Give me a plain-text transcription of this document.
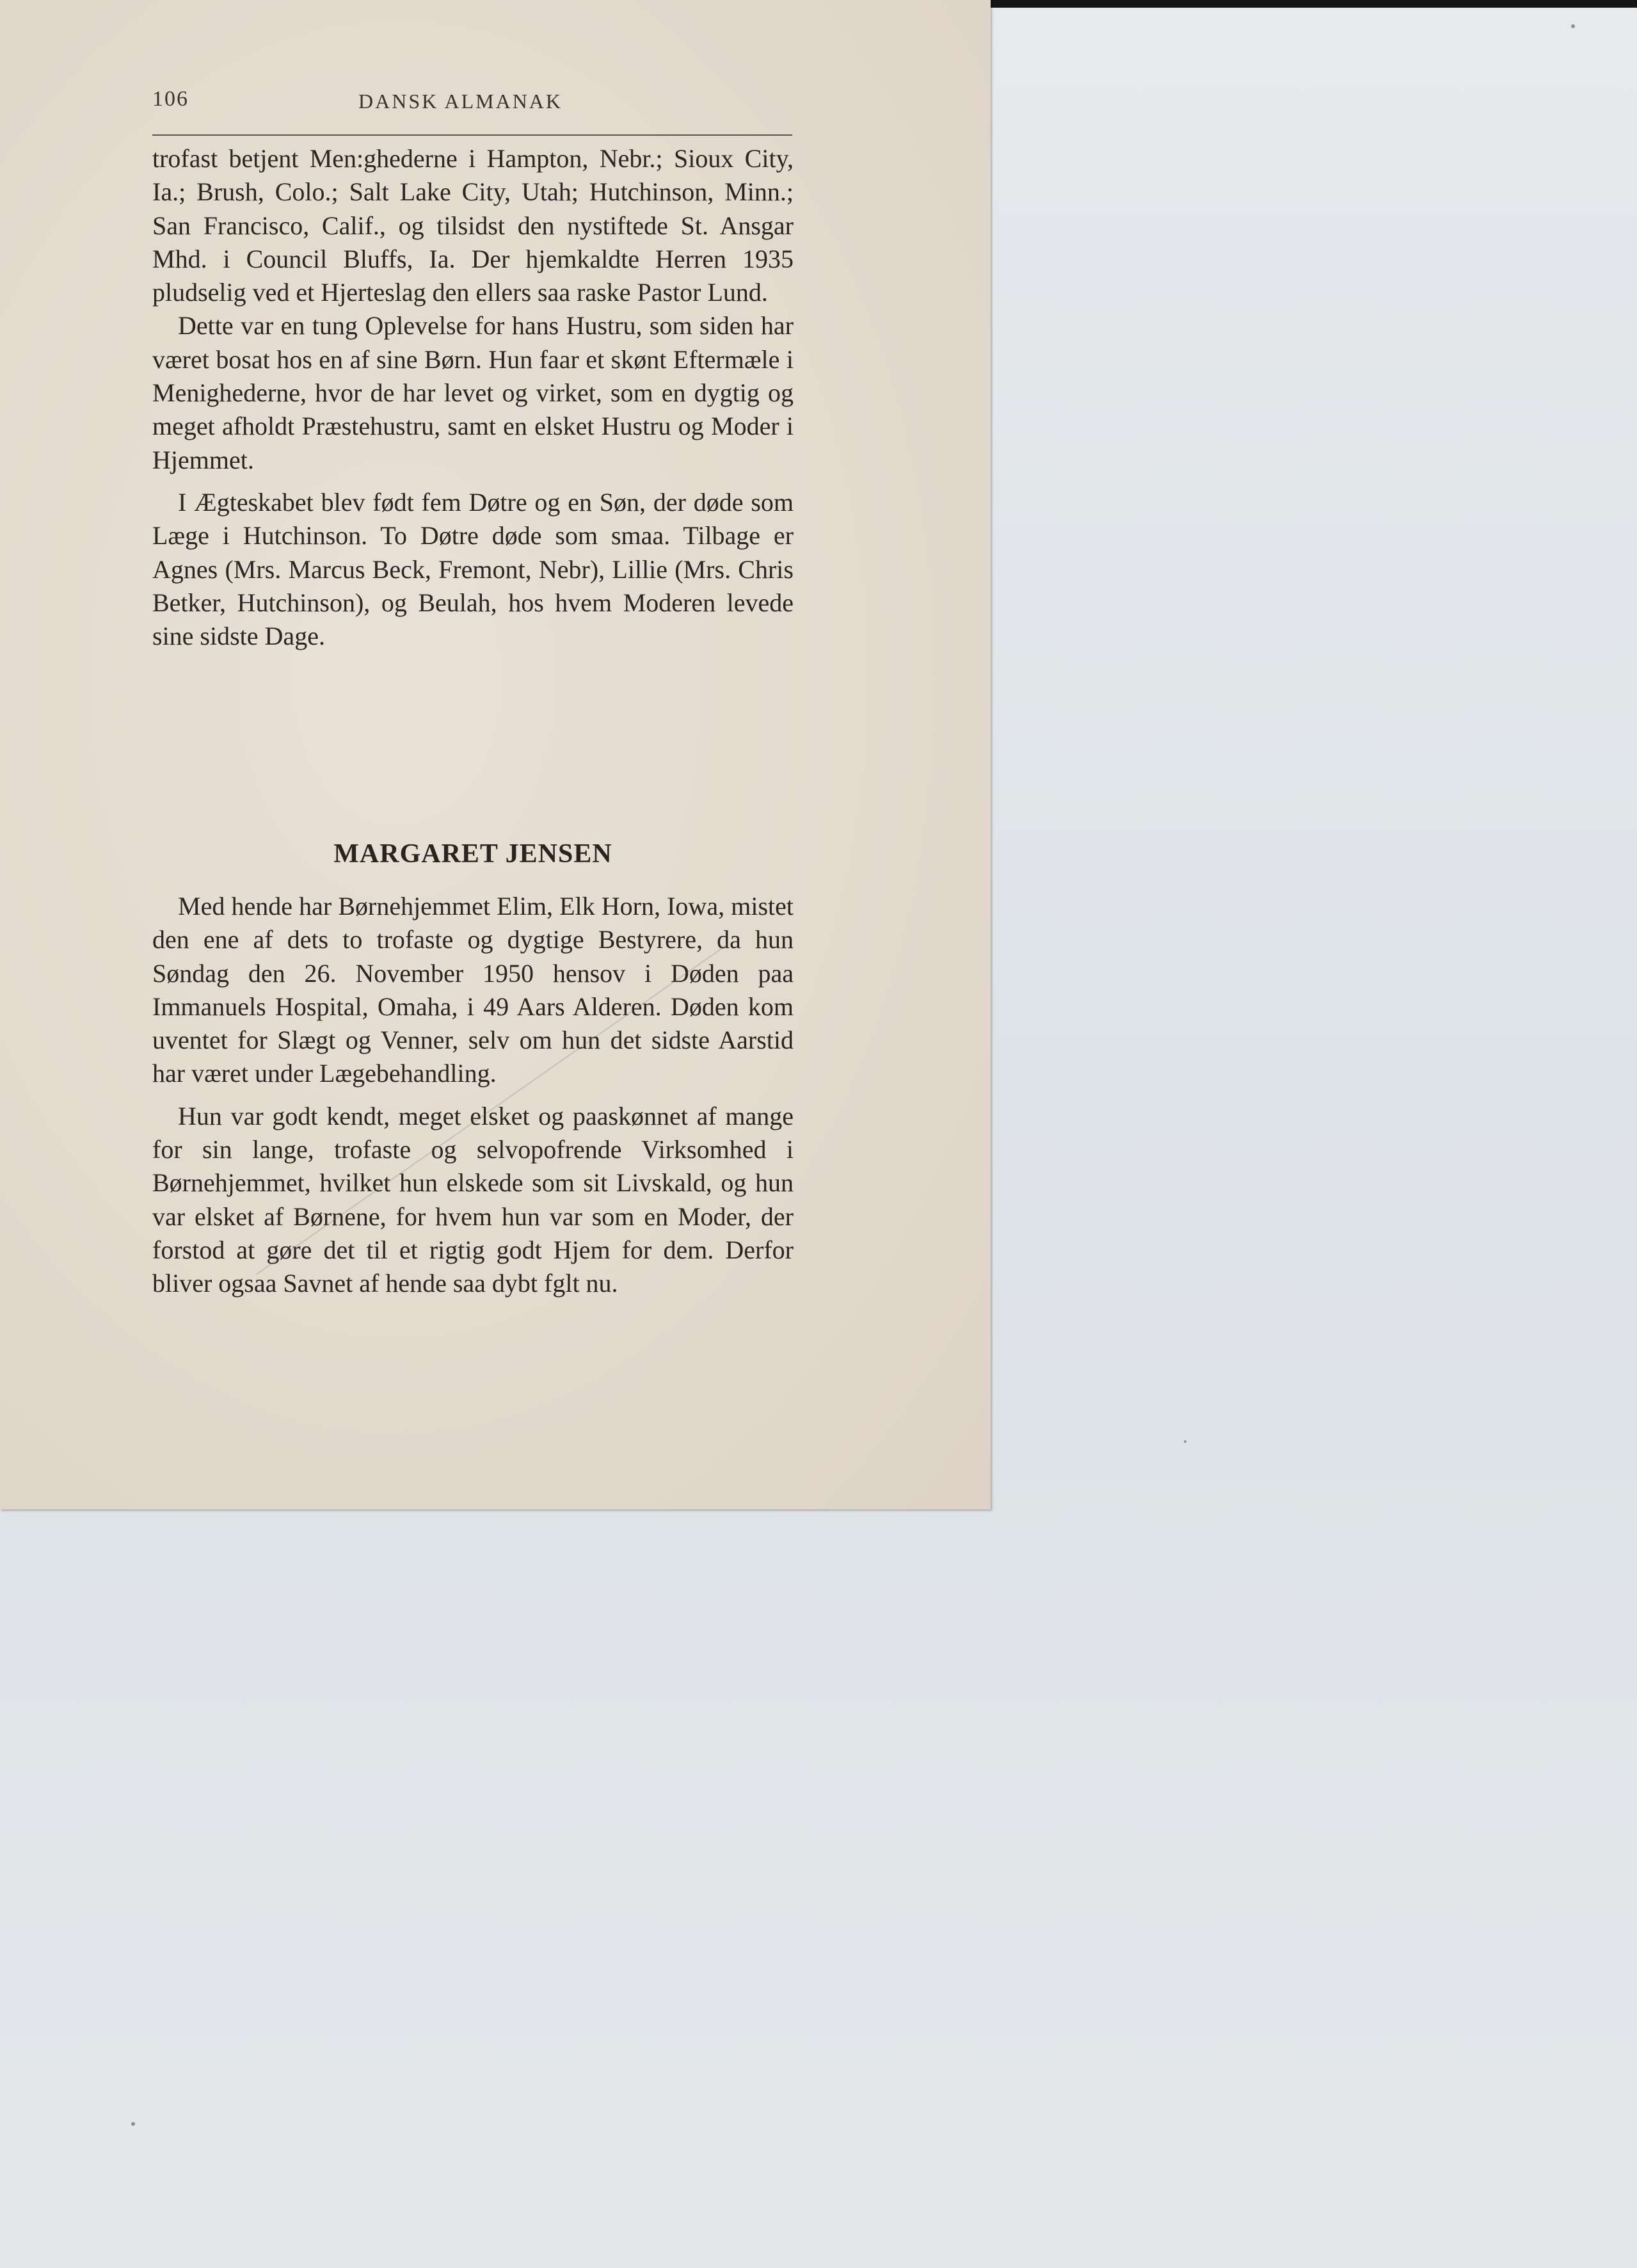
106	DANSK ALMANAK

trofast betjent Men:ghederne i Hampton, Nebr.; Sioux City, Ia.; Brush, Colo.; Salt Lake City, Utah; Hutchinson, Minn.; San Francisco, Calif., og tilsidst den nystiftede St. Ansgar Mhd. i Council Bluffs, Ia. Der hjemkaldte Herren 1935 pludselig ved et Hjerteslag den ellers saa raske Pastor Lund.

Dette var en tung Oplevelse for hans Hustru, som siden har været bosat hos en af sine Børn. Hun faar et skønt Eftermæle i Menighederne, hvor de har levet og virket, som en dygtig og meget afholdt Præstehustru, samt en elsket Hustru og Moder i Hjemmet.

I Ægteskabet blev født fem Døtre og en Søn, der døde som Læge i Hutchinson. To Døtre døde som smaa. Tilbage er Agnes (Mrs. Marcus Beck, Fremont, Nebr), Lillie (Mrs. Chris Betker, Hutchinson), og Beulah, hos hvem Moderen levede sine sidste Dage.

MARGARET JENSEN

Med hende har Børnehjemmet Elim, Elk Horn, Iowa, mistet den ene af dets to trofaste og dygtige Bestyrere, da hun Søndag den 26. November 1950 hensov i Døden paa Immanuels Hospital, Omaha, i 49 Aars Alderen. Døden kom uventet for Slægt og Venner, selv om hun det sidste Aarstid har været under Lægebehandling.

Hun var godt kendt, meget elsket og paaskønnet af mange for sin lange, trofaste og selvopofrende Virksomhed i Børnehjemmet, hvilket hun elskede som sit Livskald, og hun var elsket af Børnene, for hvem hun var som en Moder, der forstod at gøre det til et rigtig godt Hjem for dem. Derfor bliver ogsaa Savnet af hende saa dybt fglt nu.
